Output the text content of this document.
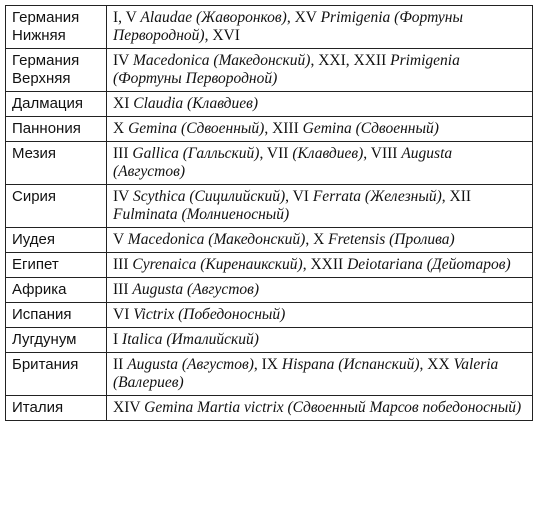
Германия
Нижняя	I, V Alaudae (Жаворонков), XV Primigenia (Фортуны Первородной), XVI
Германия
Верхняя	IV Macedonica (Македонский), XXI, XXII Primigenia (Фортуны Первородной)
Далмация	XI Claudia (Клавдиев)
Паннония	X Gemina (Сдвоенный), XIII Gemina (Сдвоенный)
Мезия	III Gallica (Галльский), VII (Клавдиев), VIII Augusta (Августов)
Сирия	IV Scythica (Сицилийский), VI Ferrata (Железный), XII Fulminata (Молниеносный)
Иудея	V Macedonica (Македонский), X Fretensis (Пролива)
Египет	III Cyrenaica (Киренаикский), XXII Deiotariana (Дейотаров)
Африка	III Augusta (Августов)
Испания	VI Victrix (Победоносный)
Лугдунум	I Italica (Италийский)
Британия	II Augusta (Августов), IX Hispana (Испанский), XX Valeria (Валериев)
Италия	XIV Gemina Martia victrix (Сдвоенный Марсов победоносный)
